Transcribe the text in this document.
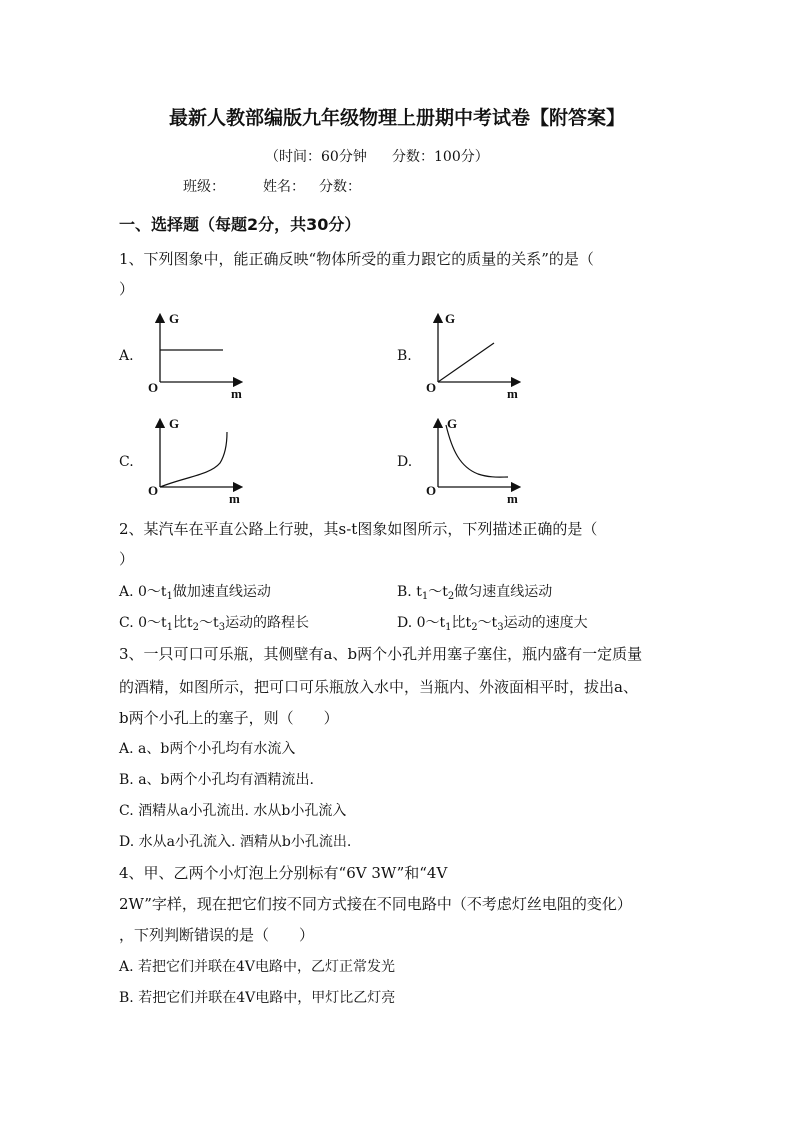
最新人教部编版九年级物理上册期中考试卷【附答案】
（时间：60分钟 分数：100分）
班级：	姓名： 分数：
一、选择题（每题2分，共30分）
1、下列图象中，能正确反映“物体所受的重力跟它的质量的关系”的是（
）
A.	B.
C.	D.
G
O	m
G
O	m
G
O
m
G
O
m
2、某汽车在平直公路上行驶，其s-t图象如图所示，下列描述正确的是（
）
A. $0\sim t_1$做加速直线运动	B. $t_1\sim t_2$做匀速直线运动
C. $0\sim t_1$比$t_2\sim t_3$运动的路程长	D. $0\sim t_1$比$t_2\sim t_3$运动的速度大
3、一只可口可乐瓶，其侧壁有a、b两个小孔并用塞子塞住，瓶内盛有一定质量
的酒精，如图所示，把可口可乐瓶放入水中，当瓶内、外液面相平时，拔出a、
b两个小孔上的塞子，则（　　）
A. a、b两个小孔均有水流入
B. a、b两个小孔均有酒精流出.
C. 酒精从a小孔流出. 水从b小孔流入
D. 水从a小孔流入. 酒精从b小孔流出.
4、甲、乙两个小灯泡上分别标有“6V 3W”和“4V
2W”字样，现在把它们按不同方式接在不同电路中（不考虑灯丝电阻的变化）
，下列判断错误的是（　　）
A. 若把它们并联在4V电路中，乙灯正常发光
B. 若把它们并联在4V电路中，甲灯比乙灯亮
